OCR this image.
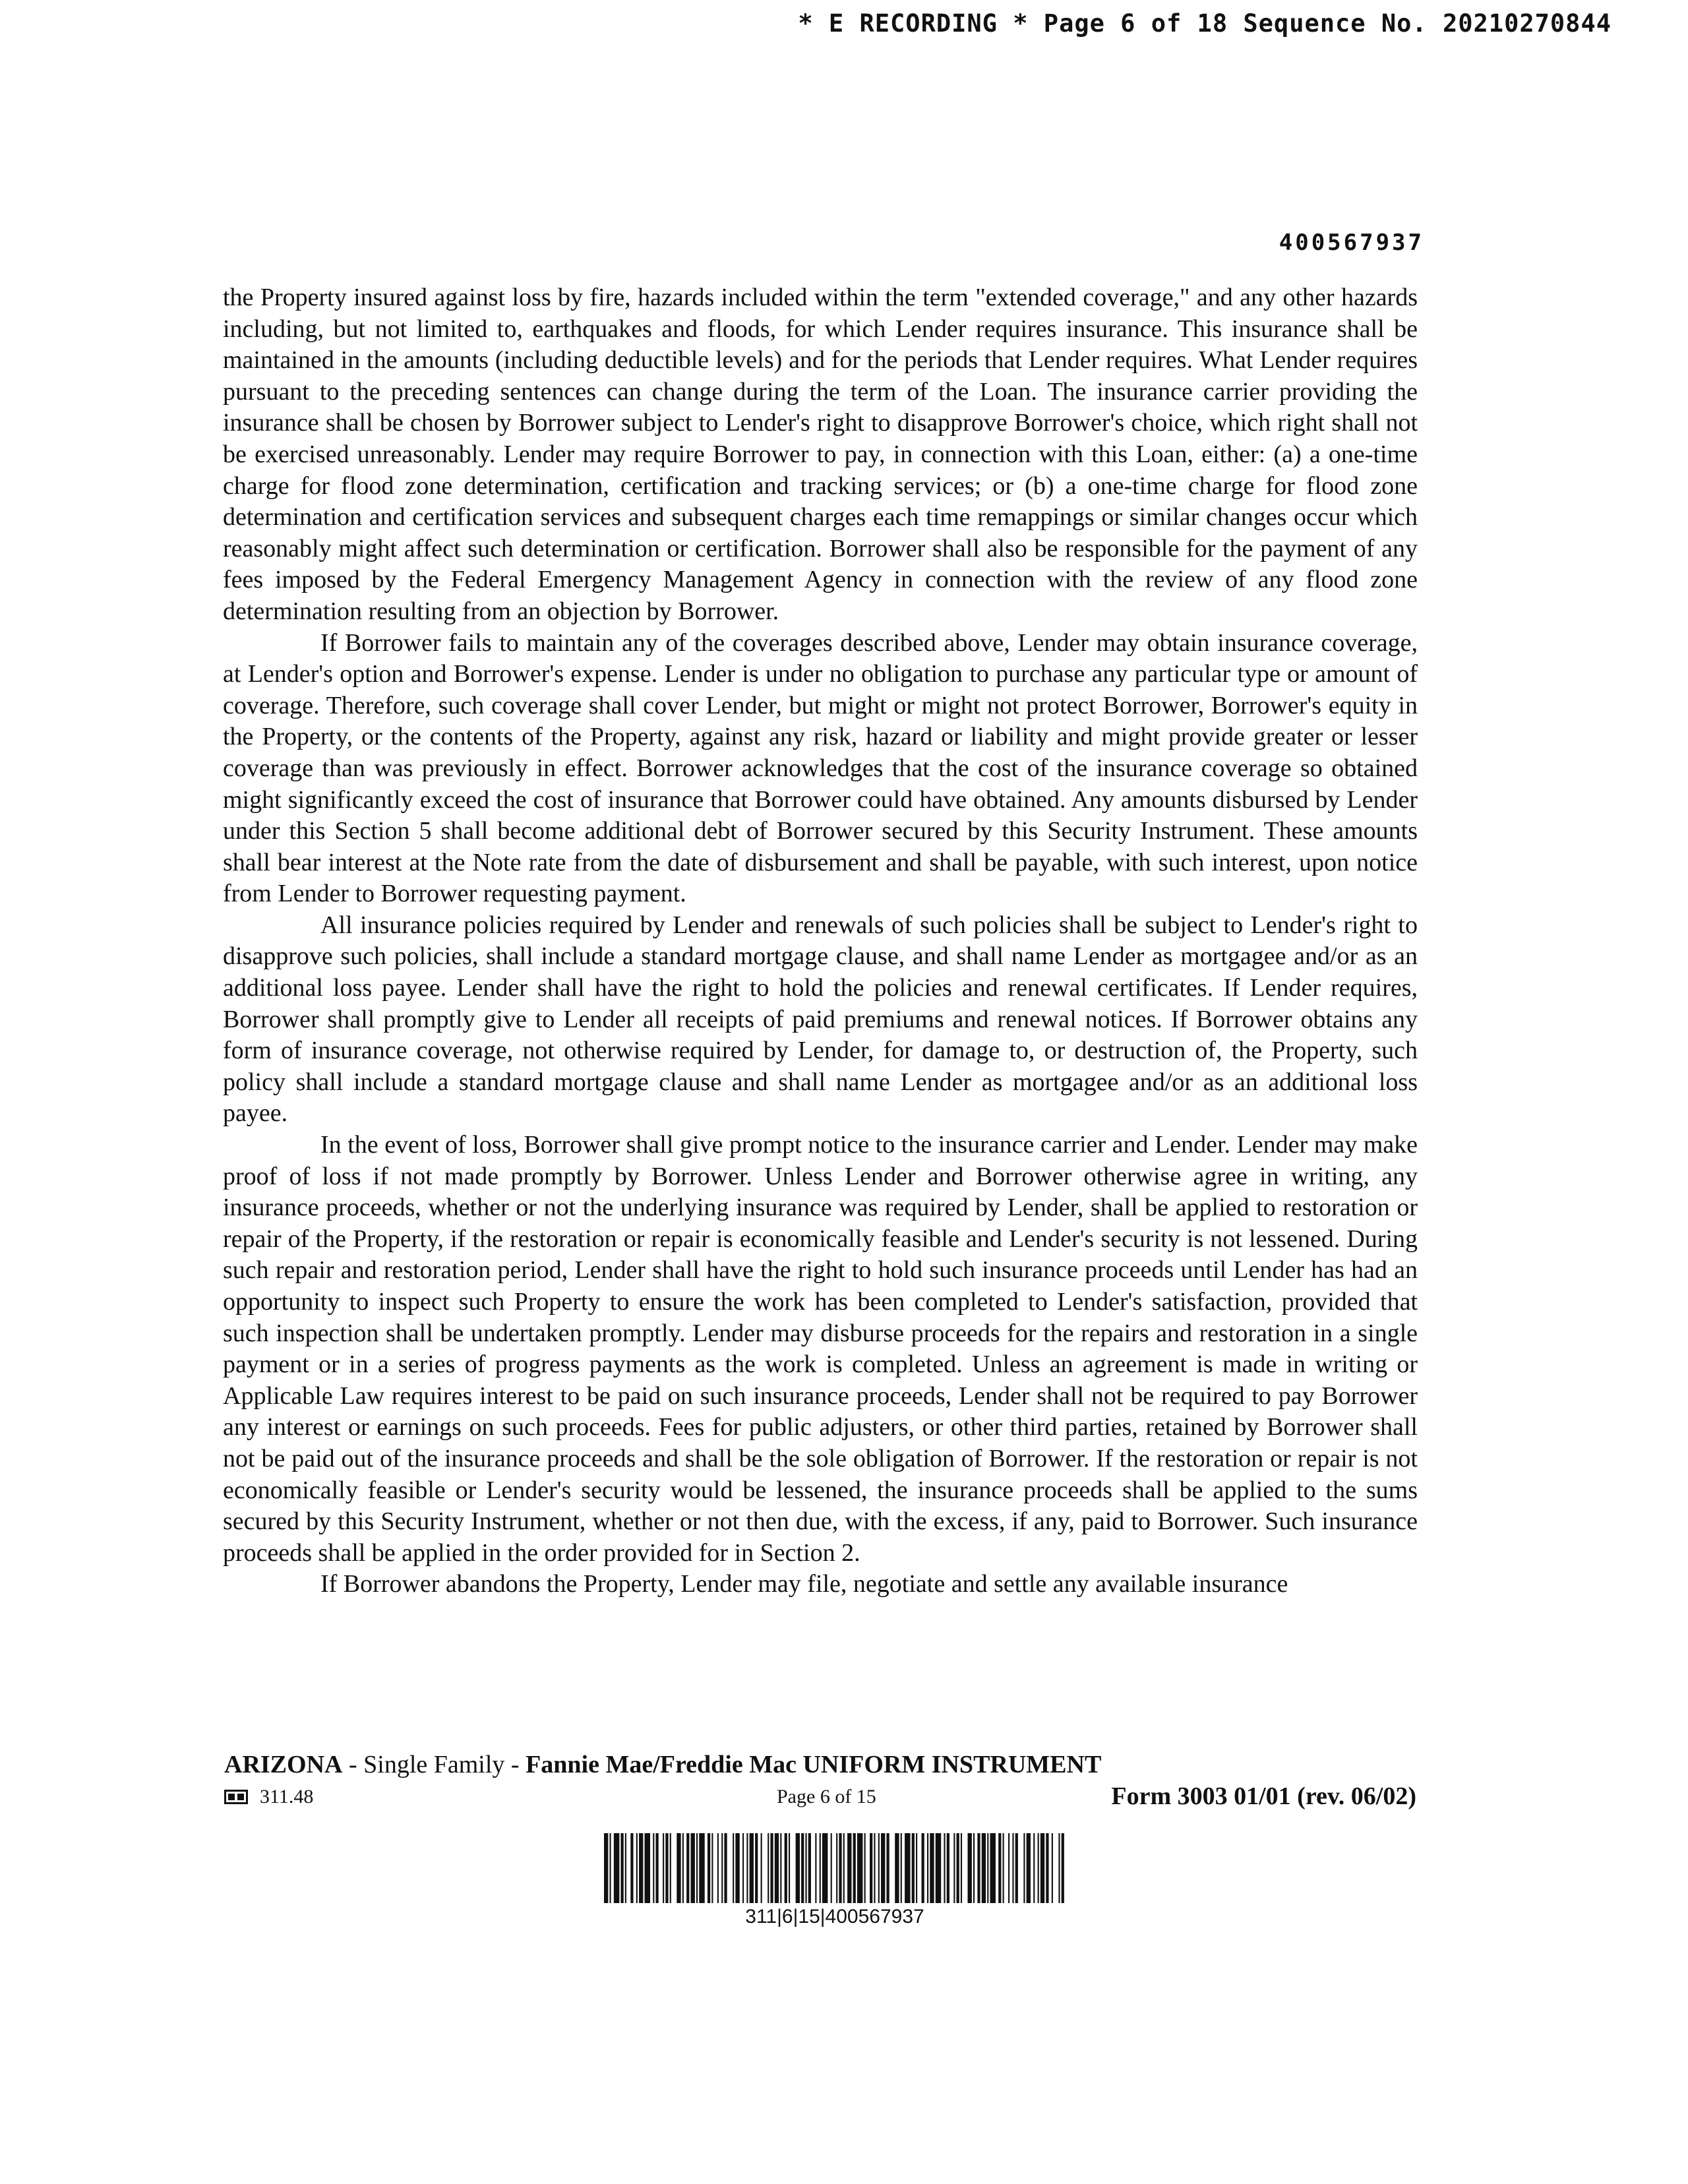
* E RECORDING * Page 6 of 18 Sequence No. 20210270844
400567937

the Property insured against loss by fire, hazards included within the term "extended coverage," and any other hazards including, but not limited to, earthquakes and floods, for which Lender requires insurance. This insurance shall be maintained in the amounts (including deductible levels) and for the periods that Lender requires. What Lender requires pursuant to the preceding sentences can change during the term of the Loan. The insurance carrier providing the insurance shall be chosen by Borrower subject to Lender's right to disapprove Borrower's choice, which right shall not be exercised unreasonably. Lender may require Borrower to pay, in connection with this Loan, either: (a) a one-time charge for flood zone determination, certification and tracking services; or (b) a one-time charge for flood zone determination and certification services and subsequent charges each time remappings or similar changes occur which reasonably might affect such determination or certification. Borrower shall also be responsible for the payment of any fees imposed by the Federal Emergency Management Agency in connection with the review of any flood zone determination resulting from an objection by Borrower.

If Borrower fails to maintain any of the coverages described above, Lender may obtain insurance coverage, at Lender's option and Borrower's expense. Lender is under no obligation to purchase any particular type or amount of coverage. Therefore, such coverage shall cover Lender, but might or might not protect Borrower, Borrower's equity in the Property, or the contents of the Property, against any risk, hazard or liability and might provide greater or lesser coverage than was previously in effect. Borrower acknowledges that the cost of the insurance coverage so obtained might significantly exceed the cost of insurance that Borrower could have obtained. Any amounts disbursed by Lender under this Section 5 shall become additional debt of Borrower secured by this Security Instrument. These amounts shall bear interest at the Note rate from the date of disbursement and shall be payable, with such interest, upon notice from Lender to Borrower requesting payment.

All insurance policies required by Lender and renewals of such policies shall be subject to Lender's right to disapprove such policies, shall include a standard mortgage clause, and shall name Lender as mortgagee and/or as an additional loss payee. Lender shall have the right to hold the policies and renewal certificates. If Lender requires, Borrower shall promptly give to Lender all receipts of paid premiums and renewal notices. If Borrower obtains any form of insurance coverage, not otherwise required by Lender, for damage to, or destruction of, the Property, such policy shall include a standard mortgage clause and shall name Lender as mortgagee and/or as an additional loss payee.

In the event of loss, Borrower shall give prompt notice to the insurance carrier and Lender. Lender may make proof of loss if not made promptly by Borrower. Unless Lender and Borrower otherwise agree in writing, any insurance proceeds, whether or not the underlying insurance was required by Lender, shall be applied to restoration or repair of the Property, if the restoration or repair is economically feasible and Lender's security is not lessened. During such repair and restoration period, Lender shall have the right to hold such insurance proceeds until Lender has had an opportunity to inspect such Property to ensure the work has been completed to Lender's satisfaction, provided that such inspection shall be undertaken promptly. Lender may disburse proceeds for the repairs and restoration in a single payment or in a series of progress payments as the work is completed. Unless an agreement is made in writing or Applicable Law requires interest to be paid on such insurance proceeds, Lender shall not be required to pay Borrower any interest or earnings on such proceeds. Fees for public adjusters, or other third parties, retained by Borrower shall not be paid out of the insurance proceeds and shall be the sole obligation of Borrower. If the restoration or repair is not economically feasible or Lender's security would be lessened, the insurance proceeds shall be applied to the sums secured by this Security Instrument, whether or not then due, with the excess, if any, paid to Borrower. Such insurance proceeds shall be applied in the order provided for in Section 2.

If Borrower abandons the Property, Lender may file, negotiate and settle any available insurance

ARIZONA - Single Family - Fannie Mae/Freddie Mac UNIFORM INSTRUMENT
311.48	Page 6 of 15	Form 3003 01/01 (rev. 06/02)
311|6|15|400567937
